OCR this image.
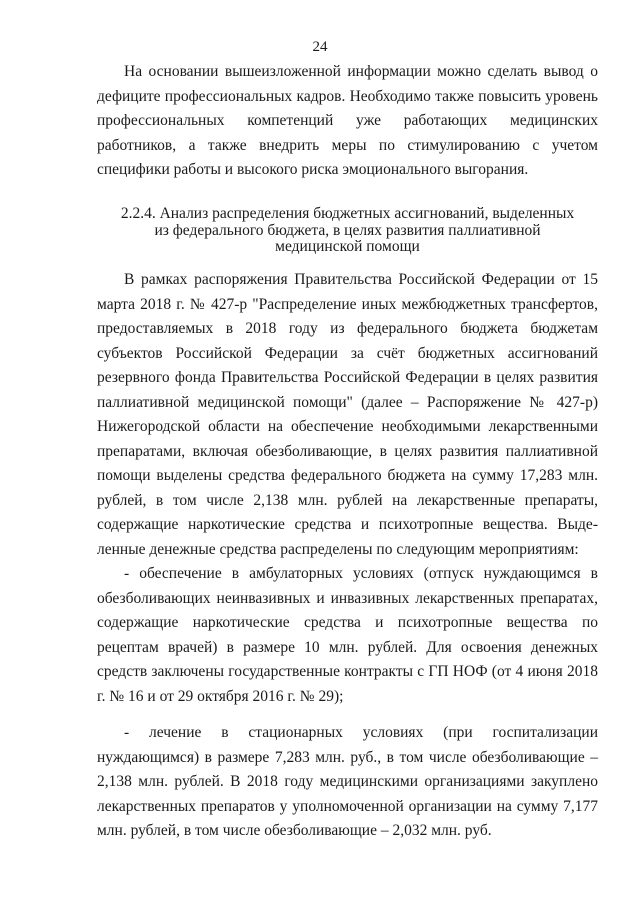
24

На основании вышеизложенной информации можно сделать вывод о дефиците профессиональных кадров. Необходимо также повысить уровень профессиональных компетенций уже работающих медицинских работников, а также внедрить меры по стимулированию с учетом специфики работы и высокого риска эмоционального выгорания.

2.2.4. Анализ распределения бюджетных ассигнований, выделенных
из федерального бюджета, в целях развития паллиативной
медицинской помощи

В рамках распоряжения Правительства Российской Федерации от 15 марта 2018 г. № 427-р "Распределение иных межбюджетных трансфертов, предоставляемых в 2018 году из федерального бюджета бюджетам субъектов Российской Федерации за счёт бюджетных ассигнований резервного фонда Правительства Российской Федерации в целях развития паллиативной медицинской помощи" (далее – Распоряжение № 427-р) Нижегородской области на обеспечение необходимыми лекарственными препаратами, включая обезболивающие, в целях развития паллиативной помощи выделены средства федерального бюджета на сумму 17,283 млн. рублей, в том числе 2,138 млн. рублей на лекарственные препараты, содержащие наркотические средства и психотропные вещества. Выделенные денежные средства распределены по следующим мероприятиям:

- обеспечение в амбулаторных условиях (отпуск нуждающимся в обезболивающих неинвазивных и инвазивных лекарственных препаратах, содержащие наркотические средства и психотропные вещества по рецептам врачей) в размере 10 млн. рублей. Для освоения денежных средств заключены государственные контракты с ГП НОФ (от 4 июня 2018 г. № 16 и от 29 октября 2016 г. № 29);

- лечение в стационарных условиях (при госпитализации нуждающимся) в размере 7,283 млн. руб., в том числе обезболивающие – 2,138 млн. рублей. В 2018 году медицинскими организациями закуплено лекарственных препаратов у уполномоченной организации на сумму 7,177 млн. рублей, в том числе обезболивающие – 2,032 млн. руб.
